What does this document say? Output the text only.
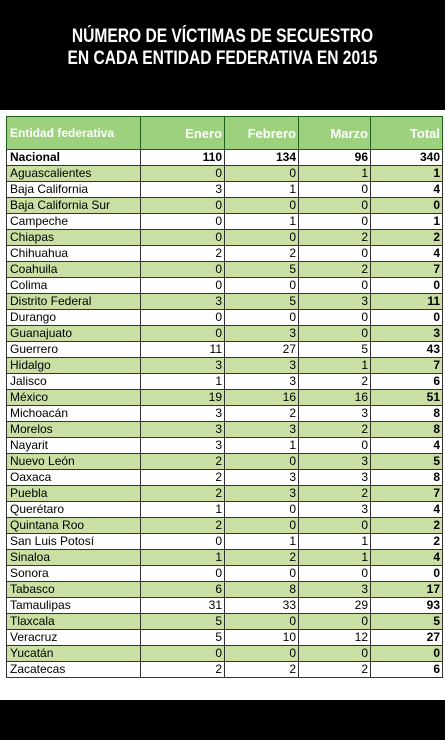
NÚMERO DE VÍCTIMAS DE SECUESTRO
EN CADA ENTIDAD FEDERATIVA EN 2015
Entidad federativa	Enero	Febrero	Marzo	Total
Nacional	110	134	96	340
Aguascalientes	0	0	1	1
Baja California	3	1	0	4
Baja California Sur	0	0	0	0
Campeche	0	1	0	1
Chiapas	0	0	2	2
Chihuahua	2	2	0	4
Coahuila	0	5	2	7
Colima	0	0	0	0
Distrito Federal	3	5	3	11
Durango	0	0	0	0
Guanajuato	0	3	0	3
Guerrero	11	27	5	43
Hidalgo	3	3	1	7
Jalisco	1	3	2	6
México	19	16	16	51
Michoacán	3	2	3	8
Morelos	3	3	2	8
Nayarit	3	1	0	4
Nuevo León	2	0	3	5
Oaxaca	2	3	3	8
Puebla	2	3	2	7
Querétaro	1	0	3	4
Quintana Roo	2	0	0	2
San Luis Potosí	0	1	1	2
Sinaloa	1	2	1	4
Sonora	0	0	0	0
Tabasco	6	8	3	17
Tamaulipas	31	33	29	93
Tlaxcala	5	0	0	5
Veracruz	5	10	12	27
Yucatán	0	0	0	0
Zacatecas	2	2	2	6
